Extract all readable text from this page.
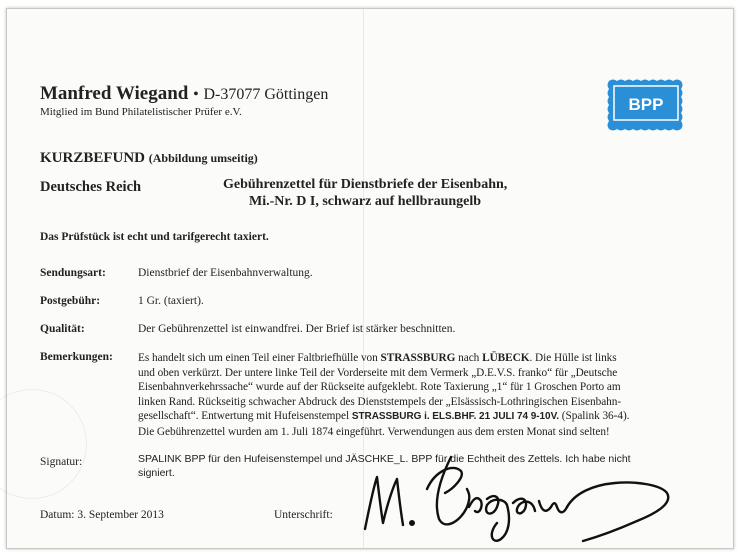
Manfred Wiegand • D-37077 Göttingen
Mitglied im Bund Philatelistischer Prüfer e.V.	BPP
KURZBEFUND (Abbildung umseitig)
Deutsches Reich	Gebührenzettel für Dienstbriefe der Eisenbahn,
Mi.-Nr. D I, schwarz auf hellbraungelb
Das Prüfstück ist echt und tarifgerecht taxiert.
Sendungsart:	Dienstbrief der Eisenbahnverwaltung.
Postgebühr:	1 Gr. (taxiert).
Qualität:	Der Gebührenzettel ist einwandfrei. Der Brief ist stärker beschnitten.
Bemerkungen: Es handelt sich um einen Teil einer Faltbriefhülle von STRASSBURG nach LÜBECK. Die Hülle ist links
und oben verkürzt. Der untere linke Teil der Vorderseite mit dem Vermerk „D.E.V.S. franko“ für „Deutsche
Eisenbahnverkehrssache“ wurde auf der Rückseite aufgeklebt. Rote Taxierung „1“ für 1 Groschen Porto am
linken Rand. Rückseitig schwacher Abdruck des Dienststempels der „Elsässisch-Lothringischen Eisenbahn-
gesellschaft“. Entwertung mit Hufeisenstempel STRASSBURG i. ELS.BHF. 21 JULI 74 9-10V. (Spalink 36-4).
Die Gebührenzettel wurden am 1. Juli 1874 eingeführt. Verwendungen aus dem ersten Monat sind selten!
Signatur:	SPALINK BPP für den Hufeisenstempel und JÄSCHKE_L. BPP für die Echtheit des Zettels. Ich habe nicht
signiert.
Datum: 3. September 2013	Unterschrift:
